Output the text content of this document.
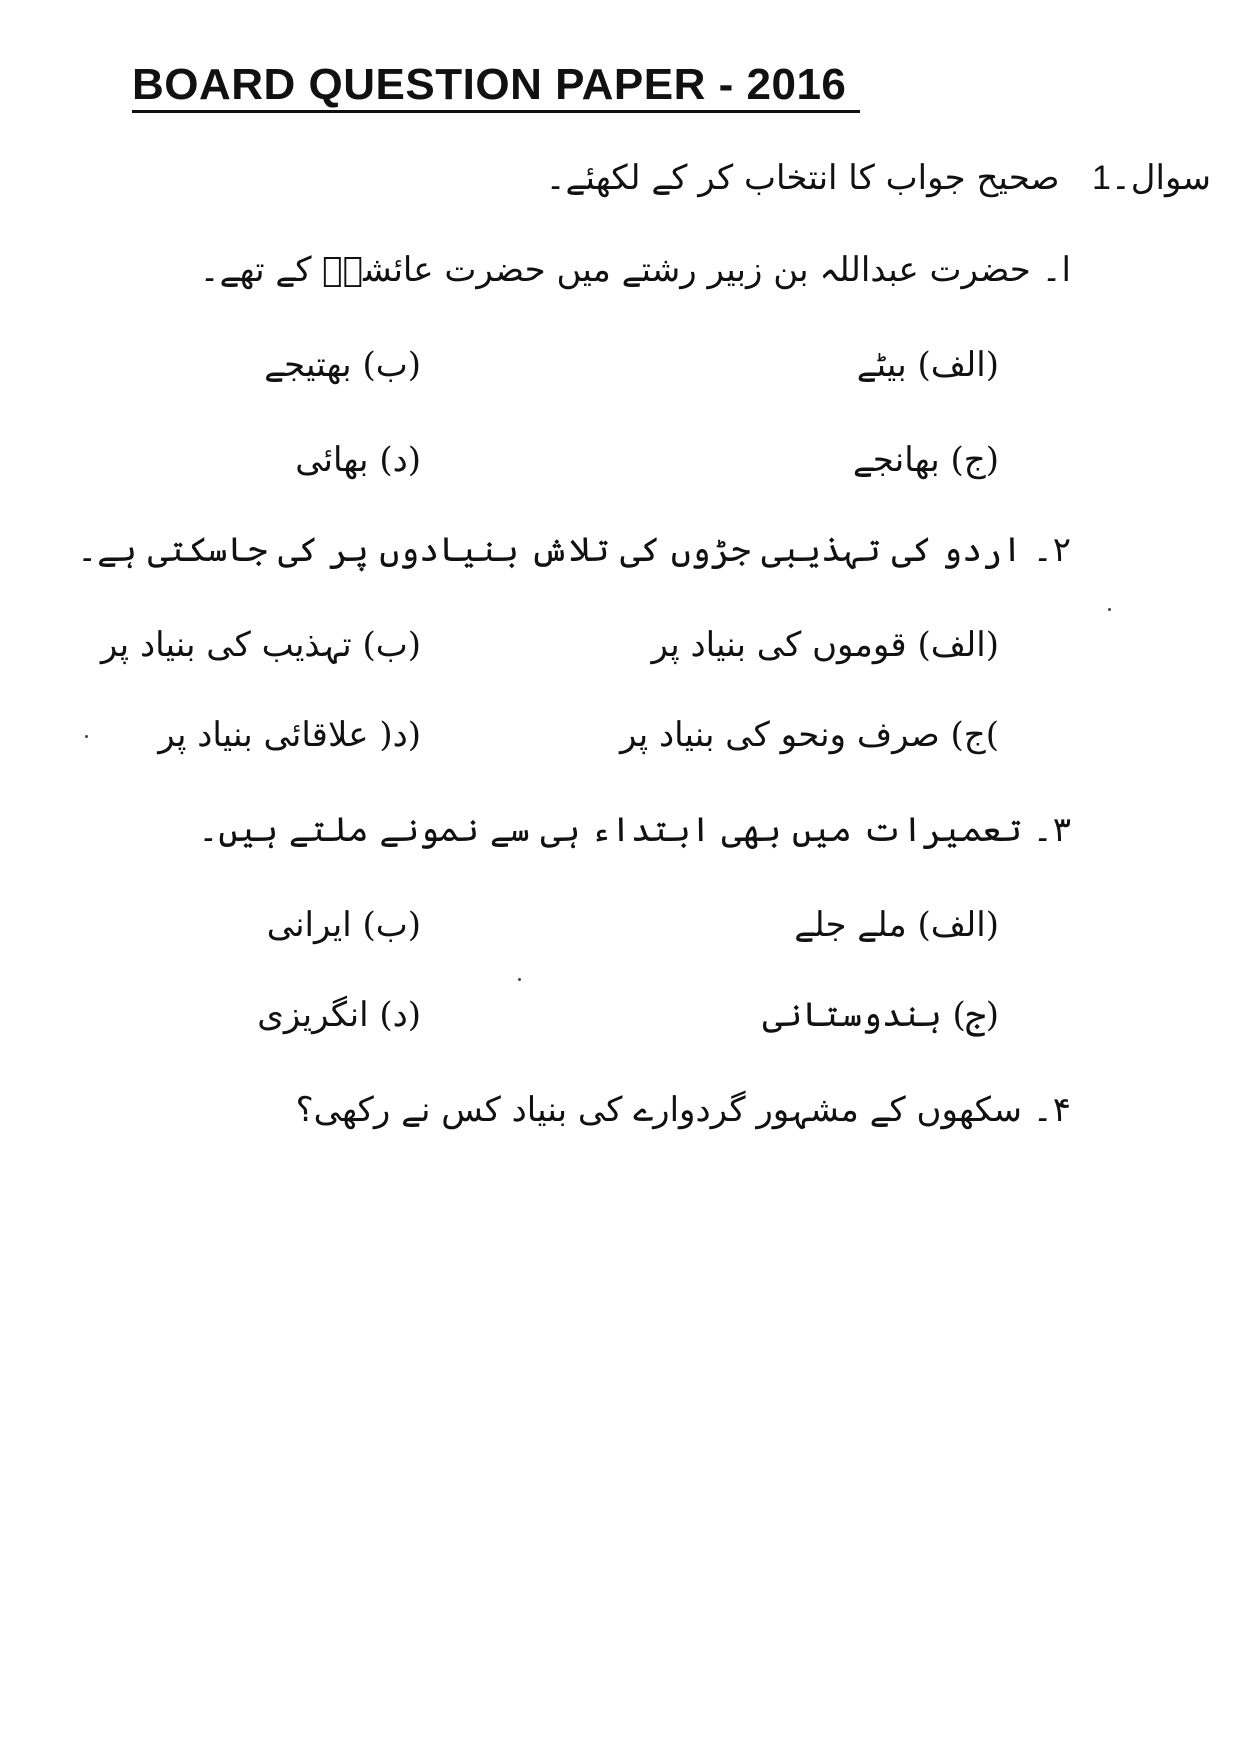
BOARD QUESTION PAPER - 2016
سوال۔1   صحیح جواب کا انتخاب کر کے لکھئے۔
ا۔ حضرت عبداللہ بن زبیر رشتے میں حضرت عائشہؓ کے تھے۔
(الف) بیٹے
(ب) بھتیجے
(ج) بھانجے
(د) بھائی
۲۔ اردو کی تہذیبی جڑوں کی تلاش بنیادوں پر کی جاسکتی ہے۔
(الف) قوموں کی بنیاد پر
(ب) تہذیب کی بنیاد پر
)ج) صرف ونحو کی بنیاد پر
(د( علاقائی بنیاد پر
۳۔ تعمیرات میں بھی ابتداء ہی سے نمونے ملتے ہیں۔
(الف) ملے جلے
(ب) ایرانی
(ج) ہندوستانی
(د) انگریزی
۴۔ سکھوں کے مشہور گردوارے کی بنیاد کس نے رکھی؟
